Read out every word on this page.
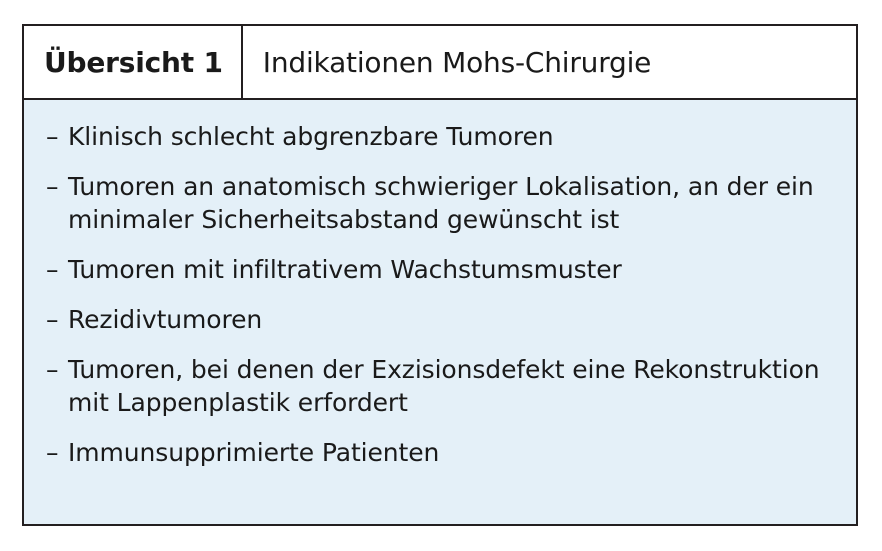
Übersicht 1 Indikationen Mohs-Chirurgie
– Klinisch schlecht abgrenzbare Tumoren
– Tumoren an anatomisch schwieriger Lokalisation, an der ein minimaler Sicherheitsabstand gewünscht ist
– Tumoren mit infiltrativem Wachstumsmuster
– Rezidivtumoren
– Tumoren, bei denen der Exzisionsdefekt eine Rekonstruktion mit Lappenplastik erfordert
– Immunsupprimierte Patienten
